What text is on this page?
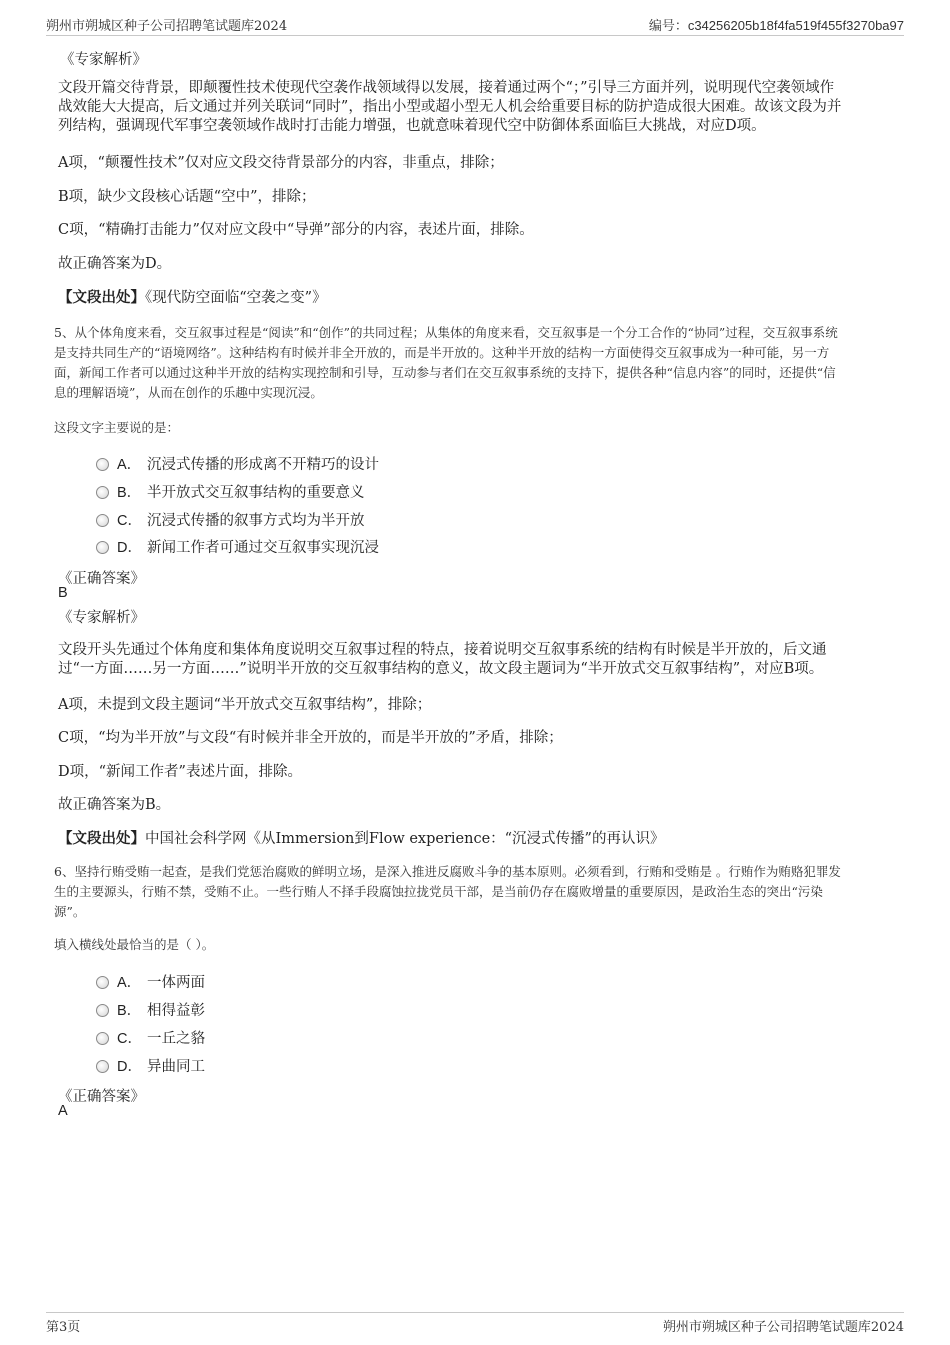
朔州市朔城区种子公司招聘笔试题库2024	编号：c34256205b18f4fa519f455f3270ba97
《专家解析》
文段开篇交待背景，即颠覆性技术使现代空袭作战领域得以发展，接着通过两个“；”引导三方面并列，说明现代空袭领域作
战效能大大提高，后文通过并列关联词“同时”，指出小型或超小型无人机会给重要目标的防护造成很大困难。故该文段为并
列结构，强调现代军事空袭领域作战时打击能力增强，也就意味着现代空中防御体系面临巨大挑战，对应D项。
A项，“颠覆性技术”仅对应文段交待背景部分的内容，非重点，排除；
B项，缺少文段核心话题“空中”，排除；
C项，“精确打击能力”仅对应文段中“导弹”部分的内容，表述片面，排除。
故正确答案为D。
【文段出处】《现代防空面临“空袭之变”》
5、从个体角度来看，交互叙事过程是“阅读”和“创作”的共同过程；从集体的角度来看，交互叙事是一个分工合作的“协同”过程，交互叙事系统
是支持共同生产的“语境网络”。这种结构有时候并非全开放的，而是半开放的。这种半开放的结构一方面使得交互叙事成为一种可能，另一方
面，新闻工作者可以通过这种半开放的结构实现控制和引导，互动参与者们在交互叙事系统的支持下，提供各种“信息内容”的同时，还提供“信
息的理解语境”，从而在创作的乐趣中实现沉浸。
这段文字主要说的是：
A． 沉浸式传播的形成离不开精巧的设计
B． 半开放式交互叙事结构的重要意义
C． 沉浸式传播的叙事方式均为半开放
D． 新闻工作者可通过交互叙事实现沉浸
《正确答案》
B
《专家解析》
文段开头先通过个体角度和集体角度说明交互叙事过程的特点，接着说明交互叙事系统的结构有时候是半开放的，后文通
过“一方面……另一方面……”说明半开放的交互叙事结构的意义，故文段主题词为“半开放式交互叙事结构”，对应B项。
A项，未提到文段主题词“半开放式交互叙事结构”，排除；
C项，“均为半开放”与文段“有时候并非全开放的，而是半开放的”矛盾，排除；
D项，“新闻工作者”表述片面，排除。
故正确答案为B。
【文段出处】中国社会科学网《从Immersion到Flow experience：“沉浸式传播”的再认识》
6、坚持行贿受贿一起查，是我们党惩治腐败的鲜明立场，是深入推进反腐败斗争的基本原则。必须看到，行贿和受贿是 。行贿作为贿赂犯罪发
生的主要源头，行贿不禁，受贿不止。一些行贿人不择手段腐蚀拉拢党员干部，是当前仍存在腐败增量的重要原因，是政治生态的突出“污染
源”。
填入横线处最恰当的是（ ）。
A． 一体两面
B． 相得益彰
C． 一丘之貉
D． 异曲同工
《正确答案》
A
第3页	朔州市朔城区种子公司招聘笔试题库2024
